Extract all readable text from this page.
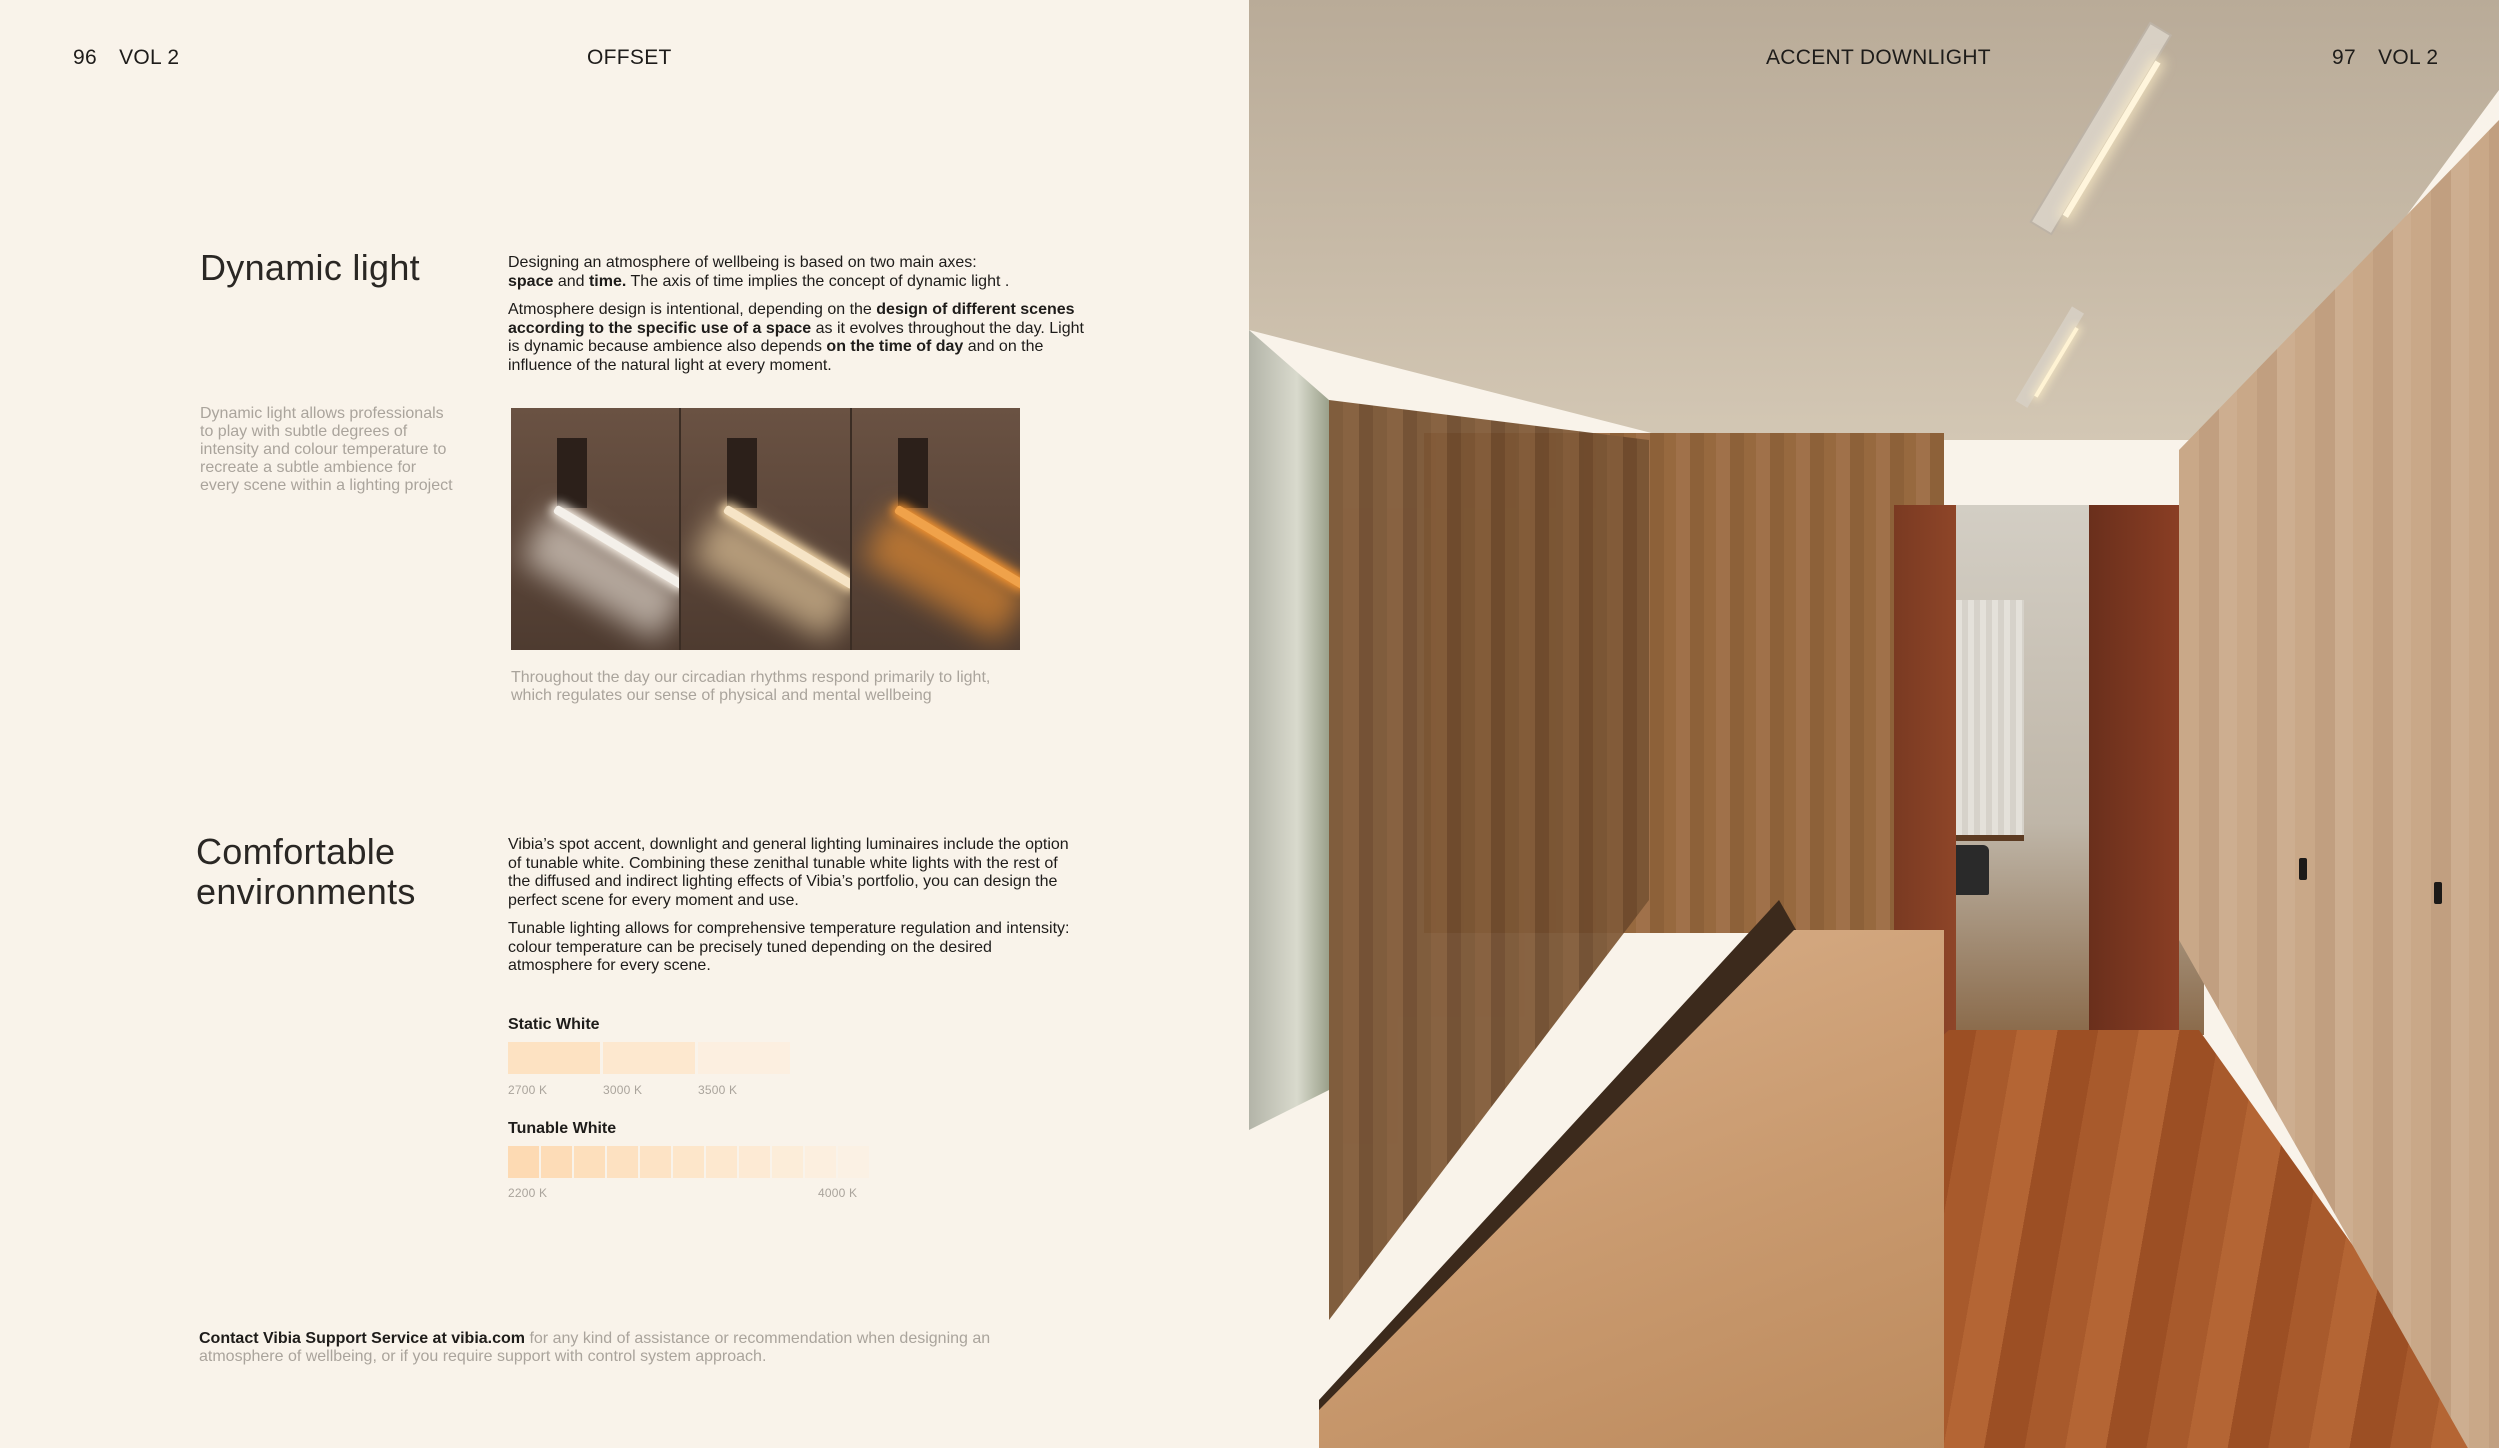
96 VOL 2	OFFSET
Dynamic light	Designing an atmosphere of wellbeing is based on two main axes:
space and time. The axis of time implies the concept of dynamic light .

Atmosphere design is intentional, depending on the design of different scenes according to the specific use of a space as it evolves throughout the day. Light is dynamic because ambience also depends on the time of day and on the influence of the natural light at every moment.

Dynamic light allows professionals to play with subtle degrees of intensity and colour temperature to recreate a subtle ambience for every scene within a lighting project
Throughout the day our circadian rhythms respond primarily to light, which regulates our sense of physical and mental wellbeing
Comfortable
environments

Vibia’s spot accent, downlight and general lighting luminaires include the option of tunable white. Combining these zenithal tunable white lights with the rest of the diffused and indirect lighting effects of Vibia’s portfolio, you can design the perfect scene for every moment and use.

Tunable lighting allows for comprehensive temperature regulation and intensity: colour temperature can be precisely tuned depending on the desired atmosphere for every scene.

Static White
2700 K	3000 K	3500 K
Tunable White
2200 K	4000 K
Contact Vibia Support Service at vibia.com for any kind of assistance or recommendation when designing an atmosphere of wellbeing, or if you require support with control system approach.
ACCENT DOWNLIGHT	97 VOL 2
